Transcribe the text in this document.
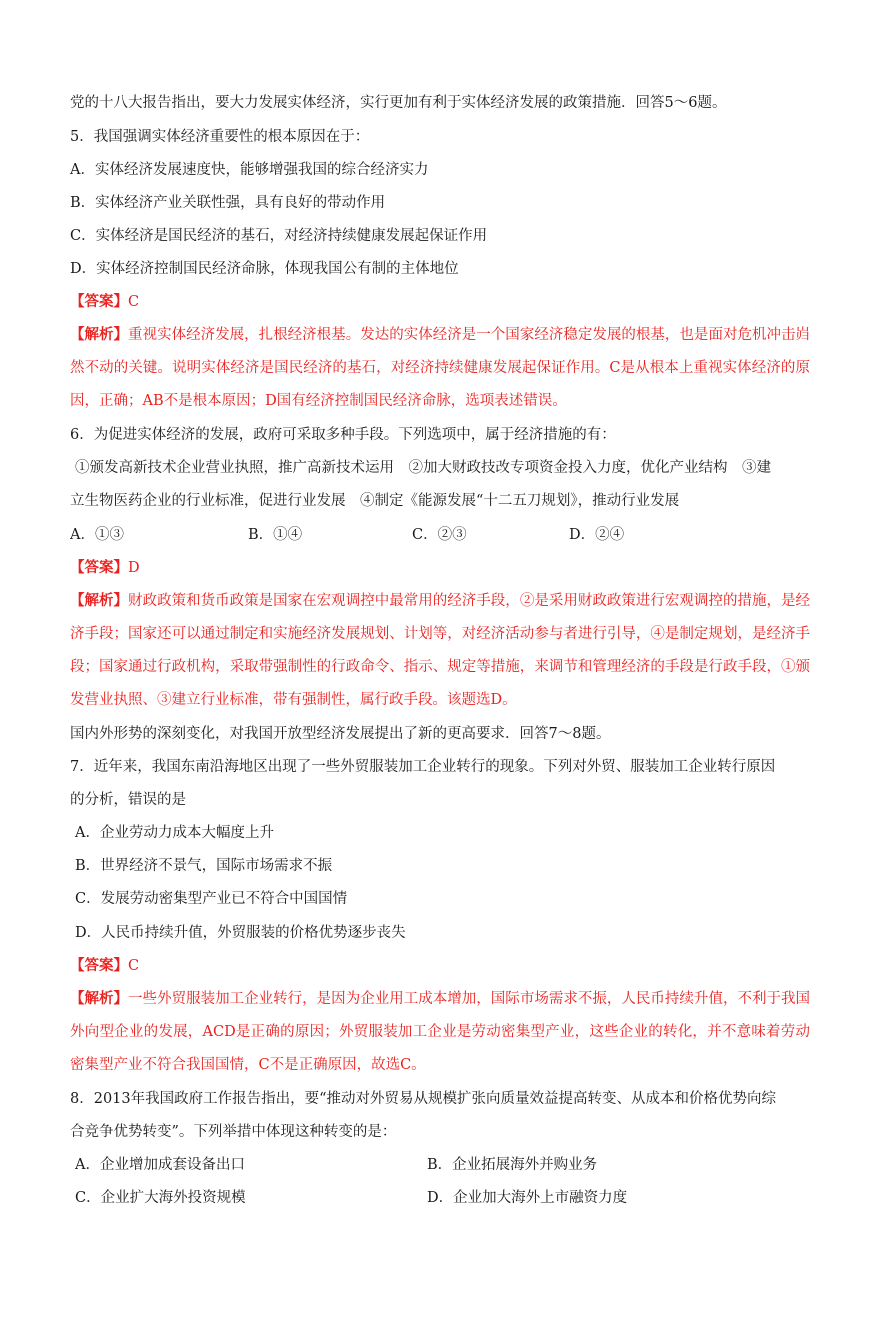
党的十八大报告指出，要大力发展实体经济，实行更加有利于实体经济发展的政策措施．回答5～6题。
5．我国强调实体经济重要性的根本原因在于：
A．实体经济发展速度快，能够增强我国的综合经济实力
B．实体经济产业关联性强，具有良好的带动作用
C．实体经济是国民经济的基石，对经济持续健康发展起保证作用
D．实体经济控制国民经济命脉，体现我国公有制的主体地位
【答案】C
【解析】重视实体经济发展，扎根经济根基。发达的实体经济是一个国家经济稳定发展的根基，也是面对危机冲击岿然不动的关键。说明实体经济是国民经济的基石，对经济持续健康发展起保证作用。C是从根本上重视实体经济的原因，正确；AB不是根本原因；D国有经济控制国民经济命脉，选项表述错误。
6．为促进实体经济的发展，政府可采取多种手段。下列选项中，属于经济措施的有：
①颁发高新技术企业营业执照，推广高新技术运用　②加大财政技改专项资金投入力度，优化产业结构　③建
立生物医药企业的行业标准，促进行业发展　④制定《能源发展“十二五刀规划》，推动行业发展
A．①③	B．①④	C．②③	D．②④
【答案】D
【解析】财政政策和货币政策是国家在宏观调控中最常用的经济手段，②是采用财政政策进行宏观调控的措施，是经济手段；国家还可以通过制定和实施经济发展规划、计划等，对经济活动参与者进行引导，④是制定规划，是经济手段；国家通过行政机构，采取带强制性的行政命令、指示、规定等措施，来调节和管理经济的手段是行政手段，①颁发营业执照、③建立行业标准，带有强制性，属行政手段。该题选D。
国内外形势的深刻变化，对我国开放型经济发展提出了新的更高要求．回答7～8题。
7．近年来，我国东南沿海地区出现了一些外贸服装加工企业转行的现象。下列对外贸、服装加工企业转行原因
的分析，错误的是
A．企业劳动力成本大幅度上升
B．世界经济不景气，国际市场需求不振
C．发展劳动密集型产业已不符合中国国情
D．人民币持续升值，外贸服装的价格优势逐步丧失
【答案】C
【解析】一些外贸服装加工企业转行，是因为企业用工成本增加，国际市场需求不振，人民币持续升值，不利于我国外向型企业的发展，ACD是正确的原因；外贸服装加工企业是劳动密集型产业，这些企业的转化，并不意味着劳动密集型产业不符合我国国情，C不是正确原因，故选C。
8．2013年我国政府工作报告指出，要“推动对外贸易从规模扩张向质量效益提高转变、从成本和价格优势向综
合竞争优势转变”。下列举措中体现这种转变的是：
A．企业增加成套设备出口	B．企业拓展海外并购业务
C．企业扩大海外投资规模	D．企业加大海外上市融资力度
